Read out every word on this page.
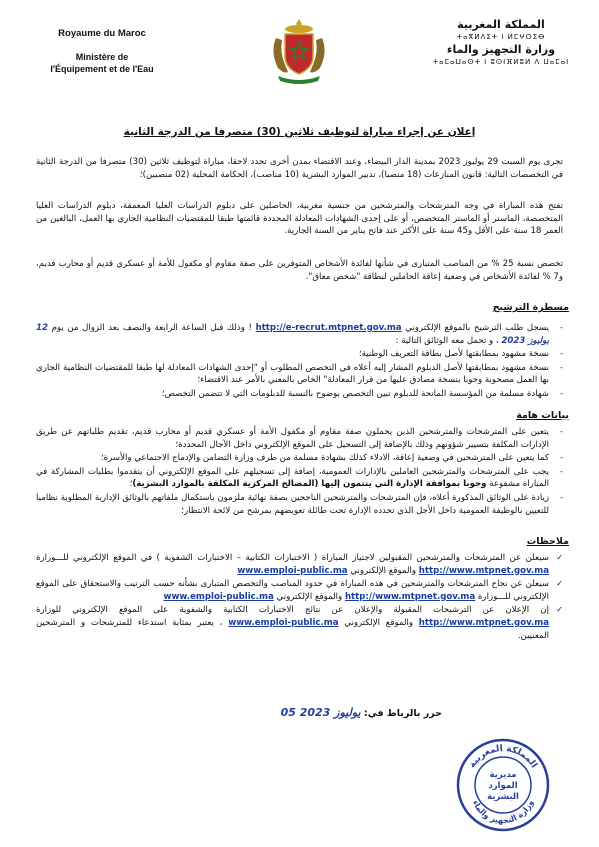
Royaume du Maroc
Ministère de
l'Équipement et de l'Eau
المملكة المغربية
ⵜⴰⴳⵍⴷⵉⵜ ⵏ ⵍⵎⵖⵔⵉⴱ
وزارة التجهيز والماء
ⵜⴰⵎⴰⵡⴰⵙⵜ ⵏ ⵓⵙⵏⴼⵍⵓⵍ ⴷ ⵡⴰⵎⴰⵏ
إعلان عن إجراء مباراة لتوظيف ثلاثين (30) متصرفا من الدرجة الثانية
تجرى يوم السبت 29 يوليوز 2023 بمدينة الدار البيضاء، وعند الاقتضاء بمدن أخرى تحدد لاحقا، مباراة لتوظيف ثلاثين (30) متصرفا من الدرجة الثانية في التخصصات التالية: قانون المنازعات (18 منصبا)، تدبير الموارد البشرية (10 مناصب)، الحكامة المحلية (02 منصبين)؛
تفتح هذه المباراة في وجه المترشحات والمترشحين من جنسية مغربية، الحاصلين على دبلوم الدراسات العليا المعمقة، دبلوم الدراسات العليا المتخصصة، الماستر أو الماستر المتخصص، أو على إحدى الشهادات المعادلة المحددة قائمتها طبقا للمقتضيات النظامية الجاري بها العمل، البالغين من العمر 18 سنة على الأقل و45 سنة على الأكثر عند فاتح يناير من السنة الجارية.
تخصص نسبة 25 % من المناصب المتبارى في شأنها لفائدة الأشخاص المتوفرين على صفة مقاوم أو مكفول للأمة أو عسكري قديم أو محارب قديم، و7 % لفائدة الأشخاص في وضعية إعاقة الحاملين لبطاقة "شخص معاق".
مسطرة الترشيح
-
يسجل طلب الترشيح بالموقع الإلكتروني http://e-recrut.mtpnet.gov.ma ! وذلك قبل الساعة الرابعة والنصف بعد الزوال من يوم 12 يوليوز 2023 ، و تحمل معه الوثائق التالية :
-
نسخة مشهود بمطابقتها لأصل بطاقة التعريف الوطنية؛
-
نسخة مشهود بمطابقتها لأصل الدبلوم المشار إليه أعلاه في التخصص المطلوب أو "إحدى الشهادات المعادلة لها طبقا للمقتضيات النظامية الجاري بها العمل مصحوبة وجوبا بنسخة مصادق عليها من قرار المعادلة" الخاص بالمعني بالأمر عند الاقتضاء؛
-
شهادة مسلمة من المؤسسة المانحة للدبلوم تبين التخصص بوضوح بالنسبة للدبلومات التي لا تتضمن التخصص؛
بيانات هامة
-
يتعين على المترشحات والمترشحين الذين يحملون صفة مقاوم أو مكفول الأمة أو عسكري قديم أو محارب قديم، تقديم طلباتهم عن طريق الإدارات المكلفة بتسيير شؤونهم وذلك بالإضافة إلى التسجيل على الموقع الإلكتروني داخل الآجال المحددة؛
-
كما يتعين على المترشحين في وضعية إعاقة، الادلاء كذلك بشهادة مسلمة من طرف وزارة التضامن والإدماج الاجتماعي والأسرة؛
-
يجب على المترشحات والمترشحين العاملين بالإدارات العمومية، إضافة إلى تسجيلهم على الموقع الإلكتروني أن يتقدموا بطلبات المشاركة في المباراة مشفوعة وجوبا بموافقة الإدارة التي ينتمون إليها (المصالح المركزية المكلفة بالموارد البشرية)؛
-
زيادة على الوثائق المذكورة أعلاه، فإن المترشحات والمترشحين الناجحين بصفة نهائية ملزمون باستكمال ملفاتهم بالوثائق الإدارية المطلوبة نظاميا للتعيين بالوظيفة العمومية داخل الأجل الذي تحدده الإدارة تحت طائلة تعويضهم بمرشح من لائحة الانتظار؛
ملاحظات
✓
سيعلن عن المترشحات والمترشحين المقبولين لاجتياز المباراة ( الاختبارات الكتابية – الاختبارات الشفوية ) في الموقع الإلكتروني للـــوزارة http://www.mtpnet.gov.ma والموقع الإلكتروني www.emploi-public.ma
✓
سيعلن عن نجاح المترشحات والمترشحين في هذه المباراة في حدود المناصب والتخصص المتبارى بشأنه حسب الترتيب والاستحقاق على الموقع الإلكتروني للـــوزارة http://www.mtpnet.gov.ma والموقع الإلكتروني www.emploi-public.ma
✓
إن الإعلان عن الترشيحات المقبولة والإعلان عن نتائج الاختبارات الكتابية والشفوية على الموقع الإلكتروني للوزارة http://www.mtpnet.gov.ma والموقع الإلكتروني www.emploi-public.ma ، يعتبر بمثابة استدعاء للمترشحات و المترشحين المعنيين.
حرر بالرباط في: 05 يوليوز 2023
المملكة المغربية
وزارة التجهيز والماء
مديرية
الموارد
البشرية
